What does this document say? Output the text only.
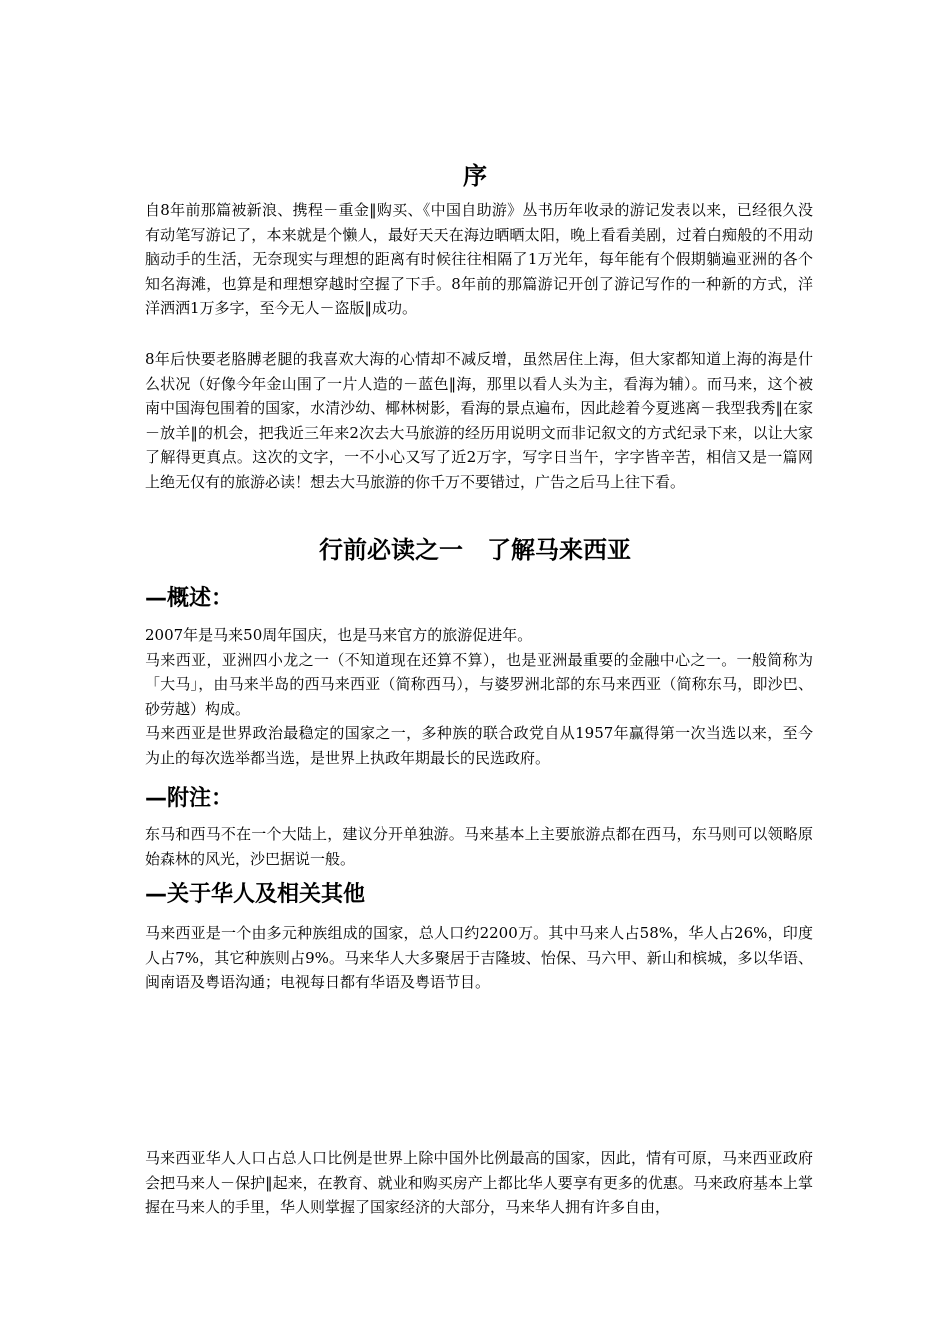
序

自8年前那篇被新浪、携程－重金‖购买、《中国自助游》丛书历年收录的游记发表以来，已经很久没有动笔写游记了，本来就是个懒人，最好天天在海边晒晒太阳，晚上看看美剧，过着白痴般的不用动脑动手的生活，无奈现实与理想的距离有时候往往相隔了1万光年，每年能有个假期躺遍亚洲的各个知名海滩，也算是和理想穿越时空握了下手。8年前的那篇游记开创了游记写作的一种新的方式，洋洋洒洒1万多字，至今无人－盗版‖成功。

8年后快要老胳膊老腿的我喜欢大海的心情却不减反增，虽然居住上海，但大家都知道上海的海是什么状况（好像今年金山围了一片人造的－蓝色‖海，那里以看人头为主，看海为辅）。而马来，这个被南中国海包围着的国家，水清沙幼、椰林树影，看海的景点遍布，因此趁着今夏逃离－我型我秀‖在家－放羊‖的机会，把我近三年来2次去大马旅游的经历用说明文而非记叙文的方式纪录下来，以让大家了解得更真点。这次的文字，一不小心又写了近2万字，写字日当午，字字皆辛苦，相信又是一篇网上绝无仅有的旅游必读！想去大马旅游的你千万不要错过，广告之后马上往下看。

行前必读之一　了解马来西亚
—概述：

2007年是马来50周年国庆，也是马来官方的旅游促进年。

马来西亚，亚洲四小龙之一（不知道现在还算不算），也是亚洲最重要的金融中心之一。一般简称为「大马」，由马来半岛的西马来西亚（简称西马），与婆罗洲北部的东马来西亚（简称东马，即沙巴、砂劳越）构成。

马来西亚是世界政治最稳定的国家之一，多种族的联合政党自从1957年赢得第一次当选以来，至今为止的每次选举都当选，是世界上执政年期最长的民选政府。

—附注：

东马和西马不在一个大陆上，建议分开单独游。马来基本上主要旅游点都在西马，东马则可以领略原始森林的风光，沙巴据说一般。

—关于华人及相关其他

马来西亚是一个由多元种族组成的国家，总人口约2200万。其中马来人占58%，华人占26%，印度人占7%，其它种族则占9%。马来华人大多聚居于吉隆坡、怡保、马六甲、新山和槟城，多以华语、闽南语及粤语沟通；电视每日都有华语及粤语节目。

马来西亚华人人口占总人口比例是世界上除中国外比例最高的国家，因此，情有可原，马来西亚政府会把马来人－保护‖起来，在教育、就业和购买房产上都比华人要享有更多的优惠。马来政府基本上掌握在马来人的手里，华人则掌握了国家经济的大部分，马来华人拥有许多自由，
